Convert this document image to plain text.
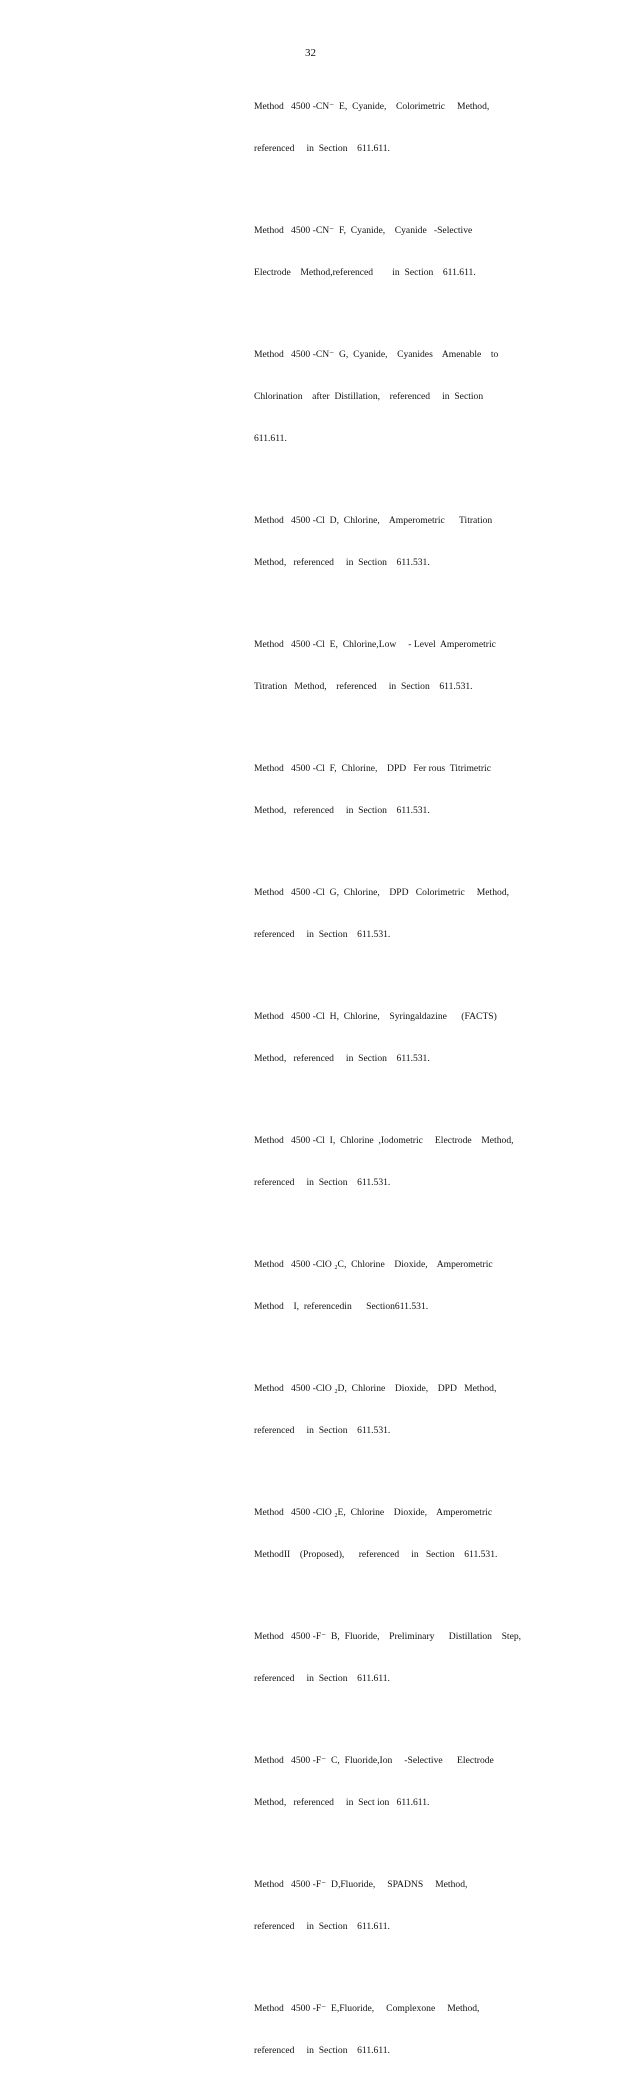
32

Method   4500 -CN⁻  E,  Cyanide,    Colorimetric     Method,

referenced     in  Section    611.611.

Method   4500 -CN⁻  F,  Cyanide,    Cyanide   -Selective

Electrode    Method,referenced        in  Section    611.611.

Method   4500 -CN⁻  G,  Cyanide,    Cyanides    Amenable    to

Chlorination    after  Distillation,    referenced     in  Section

611.611.

Method   4500 -Cl  D,  Chlorine,    Amperometric      Titration

Method,   referenced     in  Section    611.531.

Method   4500 -Cl  E,  Chlorine,Low     - Level  Amperometric

Titration   Method,    referenced     in  Section    611.531.

Method   4500 -Cl  F,  Chlorine,    DPD   Fer rous  Titrimetric

Method,   referenced     in  Section    611.531.

Method   4500 -Cl  G,  Chlorine,    DPD   Colorimetric     Method,

referenced     in  Section    611.531.

Method   4500 -Cl  H,  Chlorine,    Syringaldazine      (FACTS)

Method,   referenced     in  Section    611.531.

Method   4500 -Cl  I,  Chlorine  ,Iodometric     Electrode    Method,

referenced     in  Section    611.531.

Method   4500 -ClO ₂C,  Chlorine    Dioxide,    Amperometric

Method    I,  referencedin      Section611.531.

Method   4500 -ClO ₂D,  Chlorine    Dioxide,    DPD   Method,

referenced     in  Section    611.531.

Method   4500 -ClO ₂E,  Chlorine    Dioxide,    Amperometric

MethodII    (Proposed),      referenced     in   Section    611.531.

Method   4500 -F⁻  B,  Fluoride,    Preliminary      Distillation    Step,

referenced     in  Section    611.611.

Method   4500 -F⁻  C,  Fluoride,Ion     -Selective      Electrode

Method,   referenced     in  Sect ion   611.611.

Method   4500 -F⁻  D,Fluoride,     SPADNS     Method,

referenced     in  Section    611.611.

Method   4500 -F⁻  E,Fluoride,     Complexone     Method,

referenced     in  Section    611.611.
